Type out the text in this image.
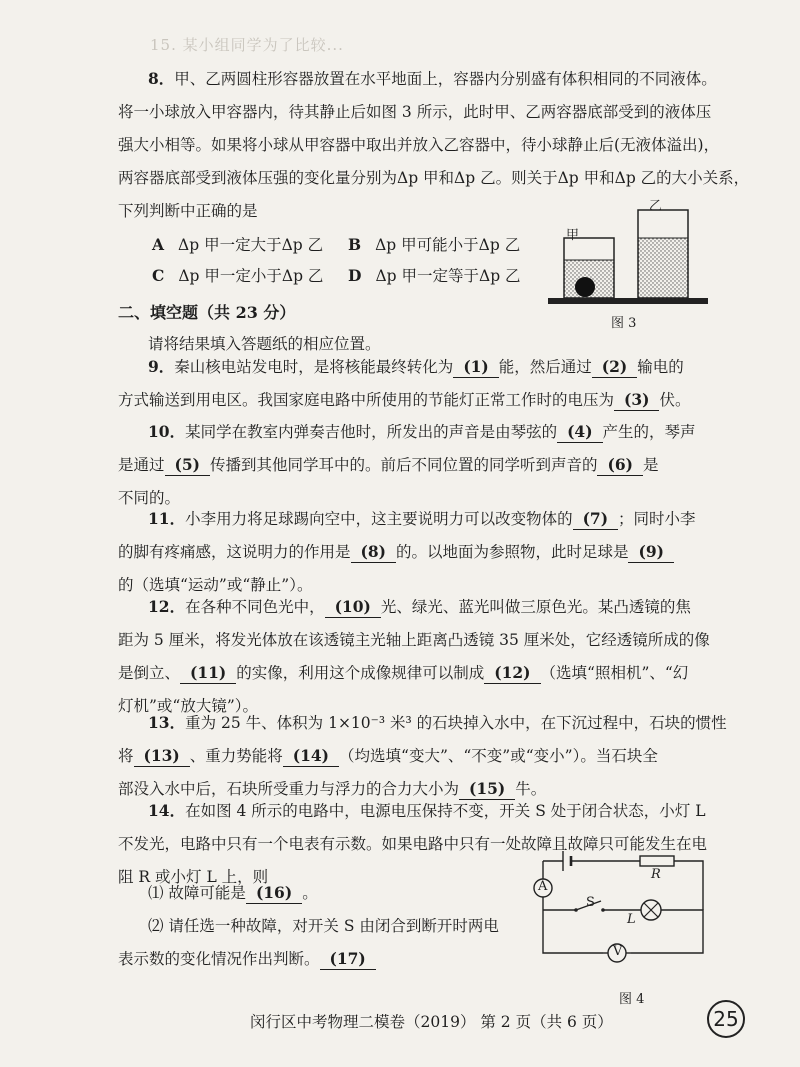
15. 某小组同学为了比较...
8．甲、乙两圆柱形容器放置在水平地面上，容器内分别盛有体积相同的不同液体。
将一小球放入甲容器内，待其静止后如图 3 所示，此时甲、乙两容器底部受到的液体压
强大小相等。如果将小球从甲容器中取出并放入乙容器中，待小球静止后(无液体溢出)，
两容器底部受到液体压强的变化量分别为Δp 甲和Δp 乙。则关于Δp 甲和Δp 乙的大小关系，
下列判断中正确的是
A Δp 甲一定大于Δp 乙 B Δp 甲可能小于Δp 乙
C Δp 甲一定小于Δp 乙 D Δp 甲一定等于Δp 乙
甲
乙
图 3
二、填空题（共 23 分）
请将结果填入答题纸的相应位置。
9．秦山核电站发电时，是将核能最终转化为 (1) 能，然后通过 (2) 输电的
方式输送到用电区。我国家庭电路中所使用的节能灯正常工作时的电压为 (3) 伏。
10．某同学在教室内弹奏吉他时，所发出的声音是由琴弦的 (4) 产生的，琴声
是通过 (5) 传播到其他同学耳中的。前后不同位置的同学听到声音的 (6) 是
不同的。
11．小李用力将足球踢向空中，这主要说明力可以改变物体的 (7) ；同时小李
的脚有疼痛感，这说明力的作用是 (8) 的。以地面为参照物，此时足球是 (9)
的（选填“运动”或“静止”）。
12．在各种不同色光中， (10) 光、绿光、蓝光叫做三原色光。某凸透镜的焦
距为 5 厘米，将发光体放在该透镜主光轴上距离凸透镜 35 厘米处，它经透镜所成的像
是倒立、 (11) 的实像，利用这个成像规律可以制成 (12) （选填“照相机”、“幻
灯机”或“放大镜”）。
13．重为 25 牛、体积为 1×10⁻³ 米³ 的石块掉入水中，在下沉过程中，石块的惯性
将 (13) 、重力势能将 (14) （均选填“变大”、“不变”或“变小”）。当石块全
部没入水中后，石块所受重力与浮力的合力大小为 (15) 牛。
14．在如图 4 所示的电路中，电源电压保持不变，开关 S 处于闭合状态，小灯 L
不发光，电路中只有一个电表有示数。如果电路中只有一处故障且故障只可能发生在电
阻 R 或小灯 L 上，则
⑴ 故障可能是 (16) 。
⑵ 请任选一种故障，对开关 S 由闭合到断开时两电
表示数的变化情况作出判断。 (17)
A
V
R
L
S
图 4
闵行区中考物理二模卷（2019） 第 2 页（共 6 页）	25
